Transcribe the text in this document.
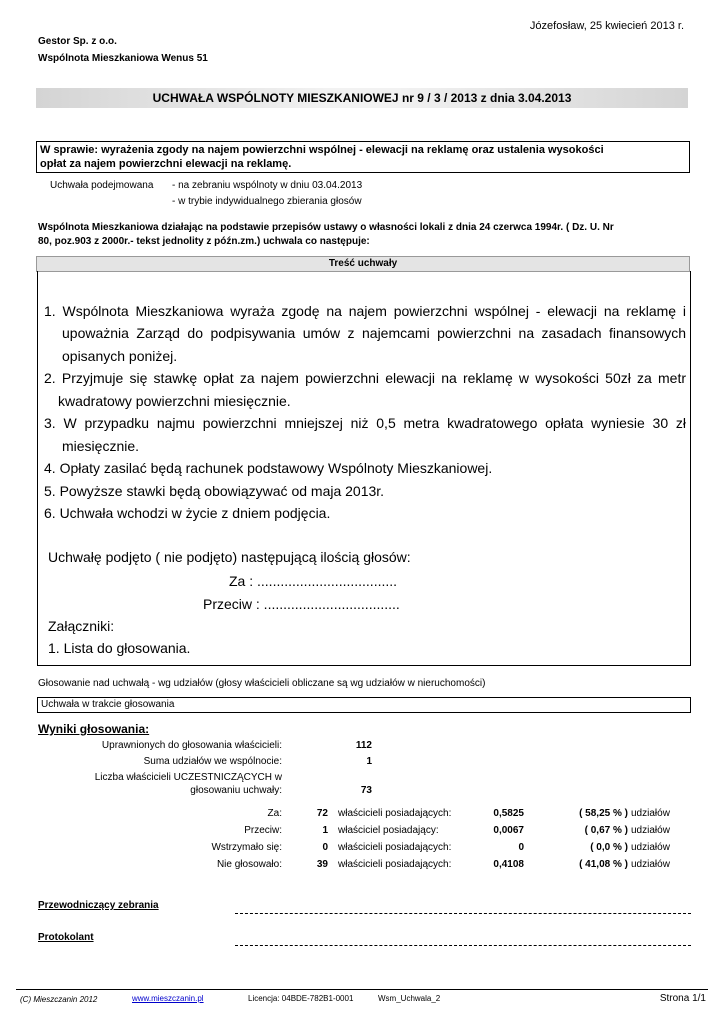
Józefosław, 25 kwiecień 2013 r.
Gestor Sp. z o.o.
Wspólnota Mieszkaniowa Wenus 51
UCHWAŁA WSPÓLNOTY MIESZKANIOWEJ nr 9 / 3 / 2013 z dnia 3.04.2013
W sprawie: wyrażenia zgody na najem powierzchni wspólnej - elewacji na reklamę oraz ustalenia wysokości
opłat za najem powierzchni elewacji na reklamę.
Uchwała podejmowana - na zebraniu wspólnoty w dniu 03.04.2013
- w trybie indywidualnego zbierania głosów
Wspólnota Mieszkaniowa działając na podstawie przepisów ustawy o własności lokali z dnia 24 czerwca 1994r. ( Dz. U. Nr
80, poz.903 z 2000r.- tekst jednolity z późn.zm.) uchwala co następuje:
Treść uchwały
1. Wspólnota Mieszkaniowa wyraża zgodę na najem powierzchni wspólnej - elewacji na reklamę i
upoważnia Zarząd do podpisywania umów z najemcami powierzchni na zasadach finansowych
opisanych poniżej.
2. Przyjmuje się stawkę opłat za najem powierzchni elewacji na reklamę w wysokości 50zł za metr
kwadratowy powierzchni miesięcznie.
3. W przypadku najmu powierzchni mniejszej niż 0,5 metra kwadratowego opłata wyniesie 30 zł
miesięcznie.
4. Opłaty zasilać będą rachunek podstawowy Wspólnoty Mieszkaniowej.
5. Powyższe stawki będą obowiązywać od maja 2013r.
6. Uchwała wchodzi w życie z dniem podjęcia.
Uchwałę podjęto ( nie podjęto) następującą ilością głosów:
Za : ....................................
Przeciw : ...................................
Załączniki:
1. Lista do głosowania.
Głosowanie nad uchwałą - wg udziałów (głosy właścicieli obliczane są wg udziałów w nieruchomości)
Uchwała w trakcie głosowania
Wyniki głosowania:
Uprawnionych do głosowania właścicieli:	112
Suma udziałów we wspólnocie:	1
Liczba właścicieli UCZESTNICZĄCYCH w
głosowaniu uchwały:	73
Za:	72 właścicieli posiadających:	0,5825	( 58,25 % ) udziałów
Przeciw:	1 właściciel posiadający:	0,0067	( 0,67 % ) udziałów
Wstrzymało się:	0 właścicieli posiadających:	0	( 0,0 % ) udziałów
Nie głosowało:	39 właścicieli posiadających:	0,4108	( 41,08 % ) udziałów
Przewodniczący zebrania
Protokolant
(C) Mieszczanin 2012	www.mieszczanin.pl	Licencja: 04BDE-782B1-0001	Wsm_Uchwala_2	Strona 1/1
